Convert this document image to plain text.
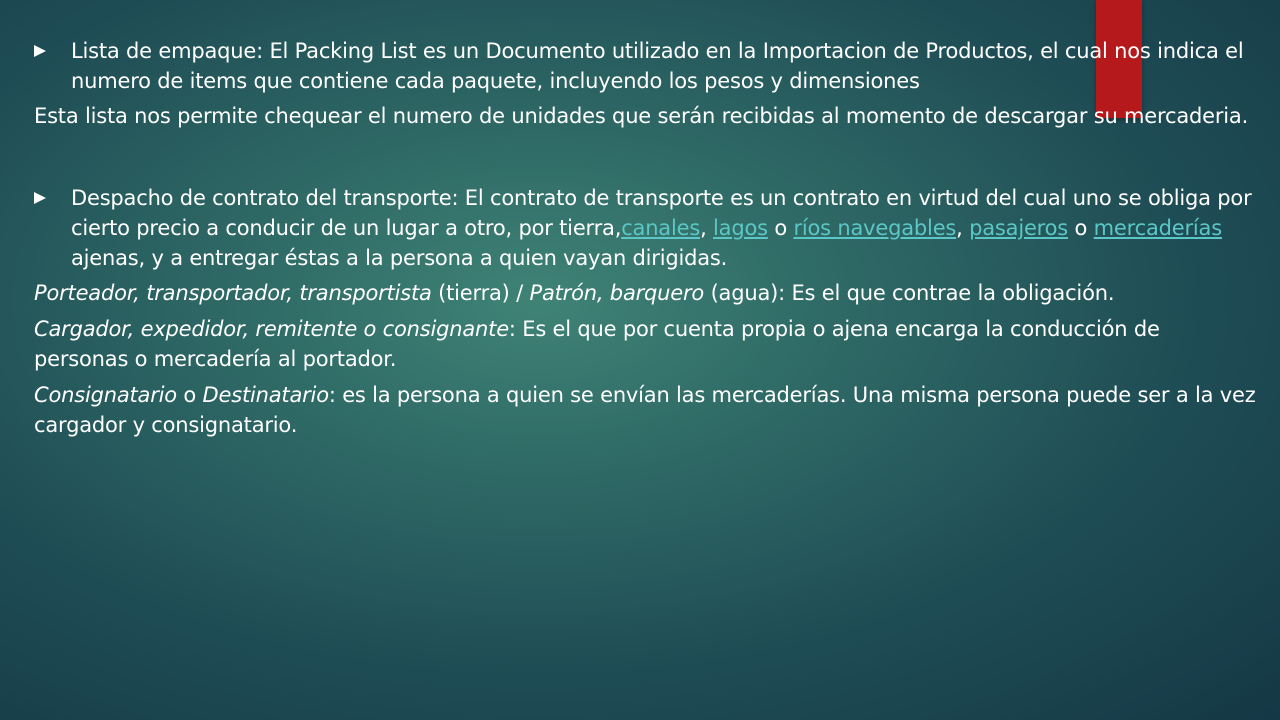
Lista de empaque: El Packing List es un Documento utilizado en la Importacion de Productos, el cual nos indica el numero de items que contiene cada paquete, incluyendo los pesos y dimensiones

Esta lista nos permite chequear el numero de unidades que serán recibidas al momento de descargar su mercaderia.

Despacho de contrato del transporte: El contrato de transporte es un contrato en virtud del cual uno se obliga por cierto precio a conducir de un lugar a otro, por tierra,canales, lagos o ríos navegables, pasajeros o mercaderías ajenas, y a entregar éstas a la persona a quien vayan dirigidas.

Porteador, transportador, transportista (tierra) / Patrón, barquero (agua): Es el que contrae la obligación.

Cargador, expedidor, remitente o consignante: Es el que por cuenta propia o ajena encarga la conducción de personas o mercadería al portador.

Consignatario o Destinatario: es la persona a quien se envían las mercaderías. Una misma persona puede ser a la vez cargador y consignatario.
